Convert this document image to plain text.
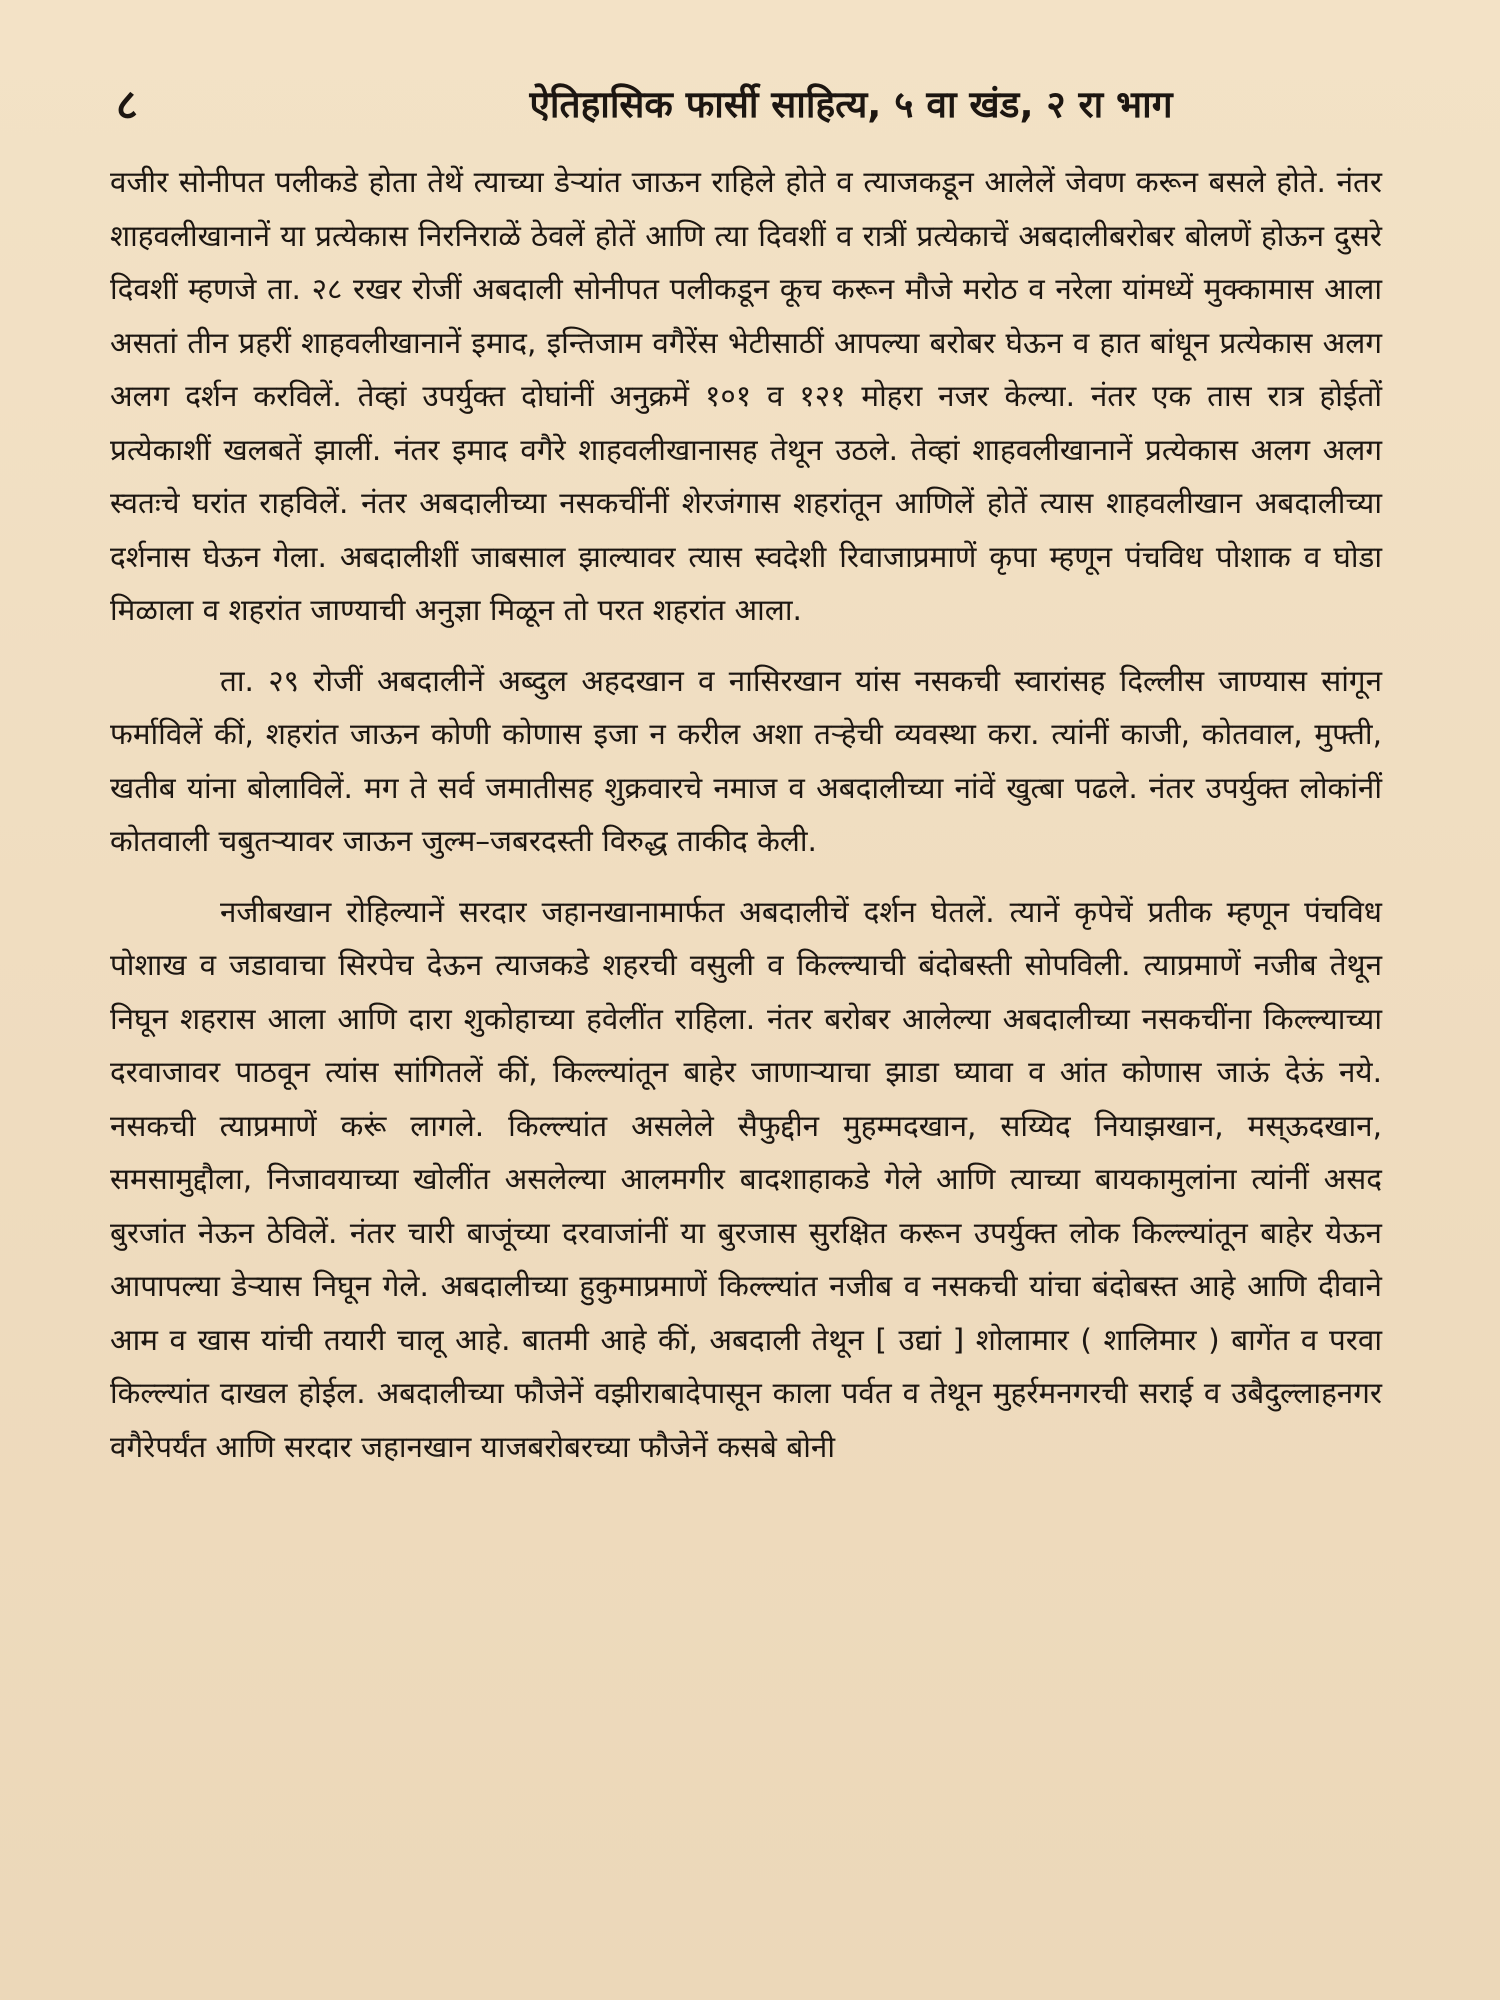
८	ऐतिहासिक फार्सी साहित्य, ५ वा खंड, २ रा भाग

वजीर सोनीपत पलीकडे होता तेथें त्याच्या डेऱ्यांत जाऊन राहिले होते व त्याजकडून आलेलें जेवण करून बसले होते. नंतर शाहवलीखानानें या प्रत्येकास निरनिराळें ठेवलें होतें आणि त्या दिवशीं व रात्रीं प्रत्येकाचें अबदालीबरोबर बोलणें होऊन दुसरे दिवशीं म्हणजे ता. २८ रखर रोजीं अबदाली सोनीपत पलीकडून कूच करून मौजे मरोठ व नरेला यांमध्यें मुक्कामास आला असतां तीन प्रहरीं शाहवलीखानानें इमाद, इन्तिजाम वगैरेंस भेटीसाठीं आपल्या बरोबर घेऊन व हात बांधून प्रत्येकास अलग अलग दर्शन करविलें. तेव्हां उपर्युक्त दोघांनीं अनुक्रमें १०१ व १२१ मोहरा नजर केल्या. नंतर एक तास रात्र होईतों प्रत्येकाशीं खलबतें झालीं. नंतर इमाद वगैरे शाहवलीखानासह तेथून उठले. तेव्हां शाहवलीखानानें प्रत्येकास अलग अलग स्वतःचे घरांत राहविलें. नंतर अबदालीच्या नसकचींनीं शेरजंगास शहरांतून आणिलें होतें त्यास शाहवलीखान अबदालीच्या दर्शनास घेऊन गेला. अबदालीशीं जाबसाल झाल्यावर त्यास स्वदेशी रिवाजाप्रमाणें कृपा म्हणून पंचविध पोशाक व घोडा मिळाला व शहरांत जाण्याची अनुज्ञा मिळून तो परत शहरांत आला.

ता. २९ रोजीं अबदालीनें अब्दुल अहदखान व नासिरखान यांस नसकची स्वारांसह दिल्लीस जाण्यास सांगून फर्माविलें कीं, शहरांत जाऊन कोणी कोणास इजा न करील अशा तऱ्हेची व्यवस्था करा. त्यांनीं काजी, कोतवाल, मुफ्ती, खतीब यांना बोलाविलें. मग ते सर्व जमातीसह शुक्रवारचे नमाज व अबदालीच्या नांवें खुत्बा पढले. नंतर उपर्युक्त लोकांनीं कोतवाली चबुतऱ्यावर जाऊन जुल्म–जबरदस्ती विरुद्ध ताकीद केली.

नजीबखान रोहिल्यानें सरदार जहानखानामार्फत अबदालीचें दर्शन घेतलें. त्यानें कृपेचें प्रतीक म्हणून पंचविध पोशाख व जडावाचा सिरपेच देऊन त्याजकडे शहरची वसुली व किल्ल्याची बंदोबस्ती सोपविली. त्याप्रमाणें नजीब तेथून निघून शहरास आला आणि दारा शुकोहाच्या हवेलींत राहिला. नंतर बरोबर आलेल्या अबदालीच्या नसकचींना किल्ल्याच्या दरवाजावर पाठवून त्यांस सांगितलें कीं, किल्ल्यांतून बाहेर जाणाऱ्याचा झाडा घ्यावा व आंत कोणास जाऊं देऊं नये. नसकची त्याप्रमाणें करूं लागले. किल्ल्यांत असलेले सैफुद्दीन मुहम्मदखान, सय्यिद नियाझखान, मस्ऊदखान, समसामुद्दौला, निजावयाच्या खोलींत असलेल्या आलमगीर बादशाहाकडे गेले आणि त्याच्या बायकामुलांना त्यांनीं असद बुरजांत नेऊन ठेविलें. नंतर चारी बाजूंच्या दरवाजांनीं या बुरजास सुरक्षित करून उपर्युक्त लोक किल्ल्यांतून बाहेर येऊन आपापल्या डेऱ्यास निघून गेले. अबदालीच्या हुकुमाप्रमाणें किल्ल्यांत नजीब व नसकची यांचा बंदोबस्त आहे आणि दीवाने आम व खास यांची तयारी चालू आहे. बातमी आहे कीं, अबदाली तेथून [ उद्यां ] शोलामार ( शालिमार ) बागेंत व परवा किल्ल्यांत दाखल होईल. अबदालीच्या फौजेनें वझीराबादेपासून काला पर्वत व तेथून मुहर्रमनगरची सराई व उबैदुल्लाहनगर वगैरेपर्यंत आणि सरदार जहानखान याजबरोबरच्या फौजेनें कसबे बोनी
